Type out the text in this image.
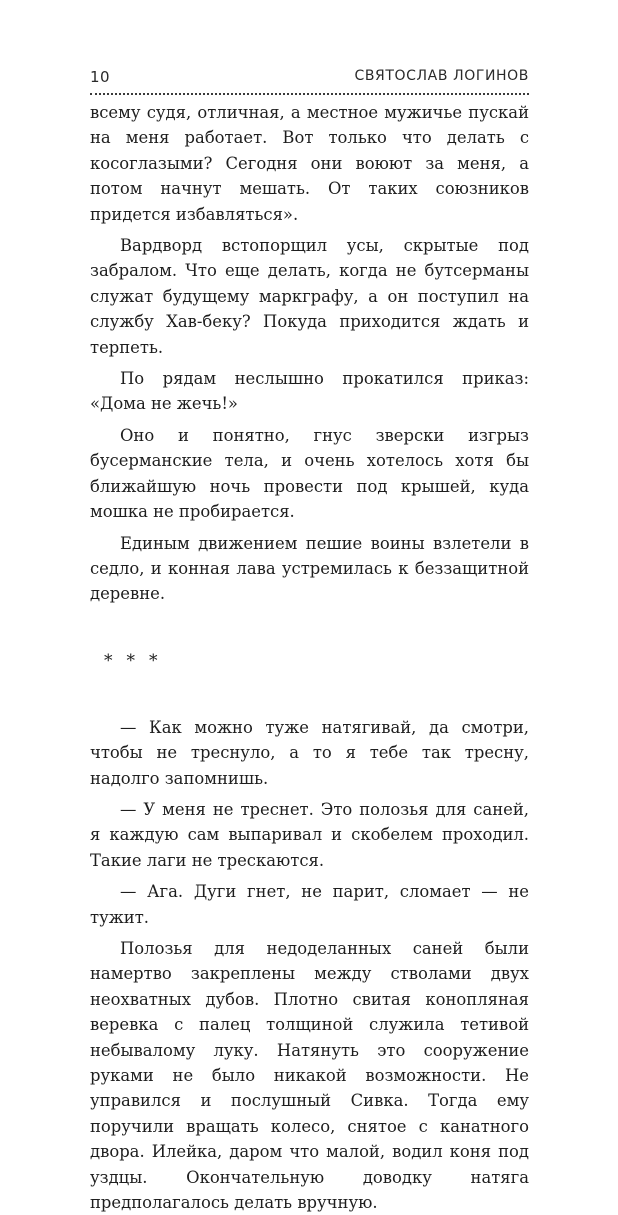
10	СВЯТОСЛАВ ЛОГИНОВ

всему судя, отличная, а местное мужичье пускай на меня работает. Вот только что делать с косоглазыми? Сегодня они воюют за меня, а потом начнут мешать. От таких союзников придется избавляться».

Вардворд встопорщил усы, скрытые под забралом. Что еще делать, когда не бутсерманы служат будущему маркграфу, а он поступил на службу Хав-беку? Покуда приходится ждать и терпеть.

По рядам неслышно прокатился приказ: «Дома не жечь!»

Оно и понятно, гнус зверски изгрыз бусерманские тела, и очень хотелось хотя бы ближайшую ночь провести под крышей, куда мошка не пробирается.

Единым движением пешие воины взлетели в седло, и конная лава устремилась к беззащитной деревне.

***

— Как можно туже натягивай, да смотри, чтобы не треснуло, а то я тебе так тресну, надолго запомнишь.

— У меня не треснет. Это полозья для саней, я каждую сам выпаривал и скобелем проходил. Такие лаги не трескаются.

— Ага. Дуги гнет, не парит, сломает — не тужит.

Полозья для недоделанных саней были намертво закреплены между стволами двух неохватных дубов. Плотно свитая конопляная веревка с палец толщиной служила тетивой небывалому луку. Натянуть это сооружение руками не было никакой возможности. Не управился и послушный Сивка. Тогда ему поручили вращать колесо, снятое с канатного двора. Илейка, даром что малой, водил коня под уздцы. Окончательную доводку натяга предполагалось делать вручную.
